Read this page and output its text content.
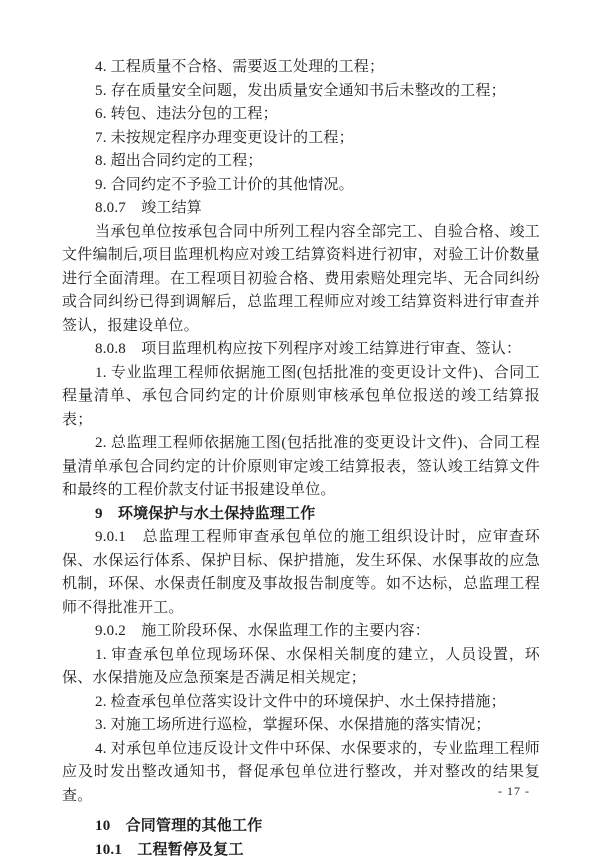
4. 工程质量不合格、需要返工处理的工程；

5. 存在质量安全问题，发出质量安全通知书后未整改的工程；

6. 转包、违法分包的工程；

7. 未按规定程序办理变更设计的工程；

8. 超出合同约定的工程；

9. 合同约定不予验工计价的其他情况。

8.0.7　竣工结算

当承包单位按承包合同中所列工程内容全部完工、自验合格、竣工文件编制后,项目监理机构应对竣工结算资料进行初审，对验工计价数量进行全面清理。在工程项目初验合格、费用索赔处理完毕、无合同纠纷或合同纠纷已得到调解后，总监理工程师应对竣工结算资料进行审查并签认，报建设单位。

8.0.8　项目监理机构应按下列程序对竣工结算进行审查、签认：

1. 专业监理工程师依据施工图(包括批准的变更设计文件)、合同工程量清单、承包合同约定的计价原则审核承包单位报送的竣工结算报表；

2. 总监理工程师依据施工图(包括批准的变更设计文件)、合同工程量清单承包合同约定的计价原则审定竣工结算报表，签认竣工结算文件和最终的工程价款支付证书报建设单位。

9　环境保护与水土保持监理工作

9.0.1　总监理工程师审查承包单位的施工组织设计时，应审查环保、水保运行体系、保护目标、保护措施，发生环保、水保事故的应急机制，环保、水保责任制度及事故报告制度等。如不达标，总监理工程师不得批准开工。

9.0.2　施工阶段环保、水保监理工作的主要内容：

1. 审查承包单位现场环保、水保相关制度的建立，人员设置，环保、水保措施及应急预案是否满足相关规定；

2. 检查承包单位落实设计文件中的环境保护、水土保持措施；

3. 对施工场所进行巡检，掌握环保、水保措施的落实情况；

4. 对承包单位违反设计文件中环保、水保要求的，专业监理工程师应及时发出整改通知书，督促承包单位进行整改，并对整改的结果复查。

10　合同管理的其他工作

10.1　工程暂停及复工

- 17 -
